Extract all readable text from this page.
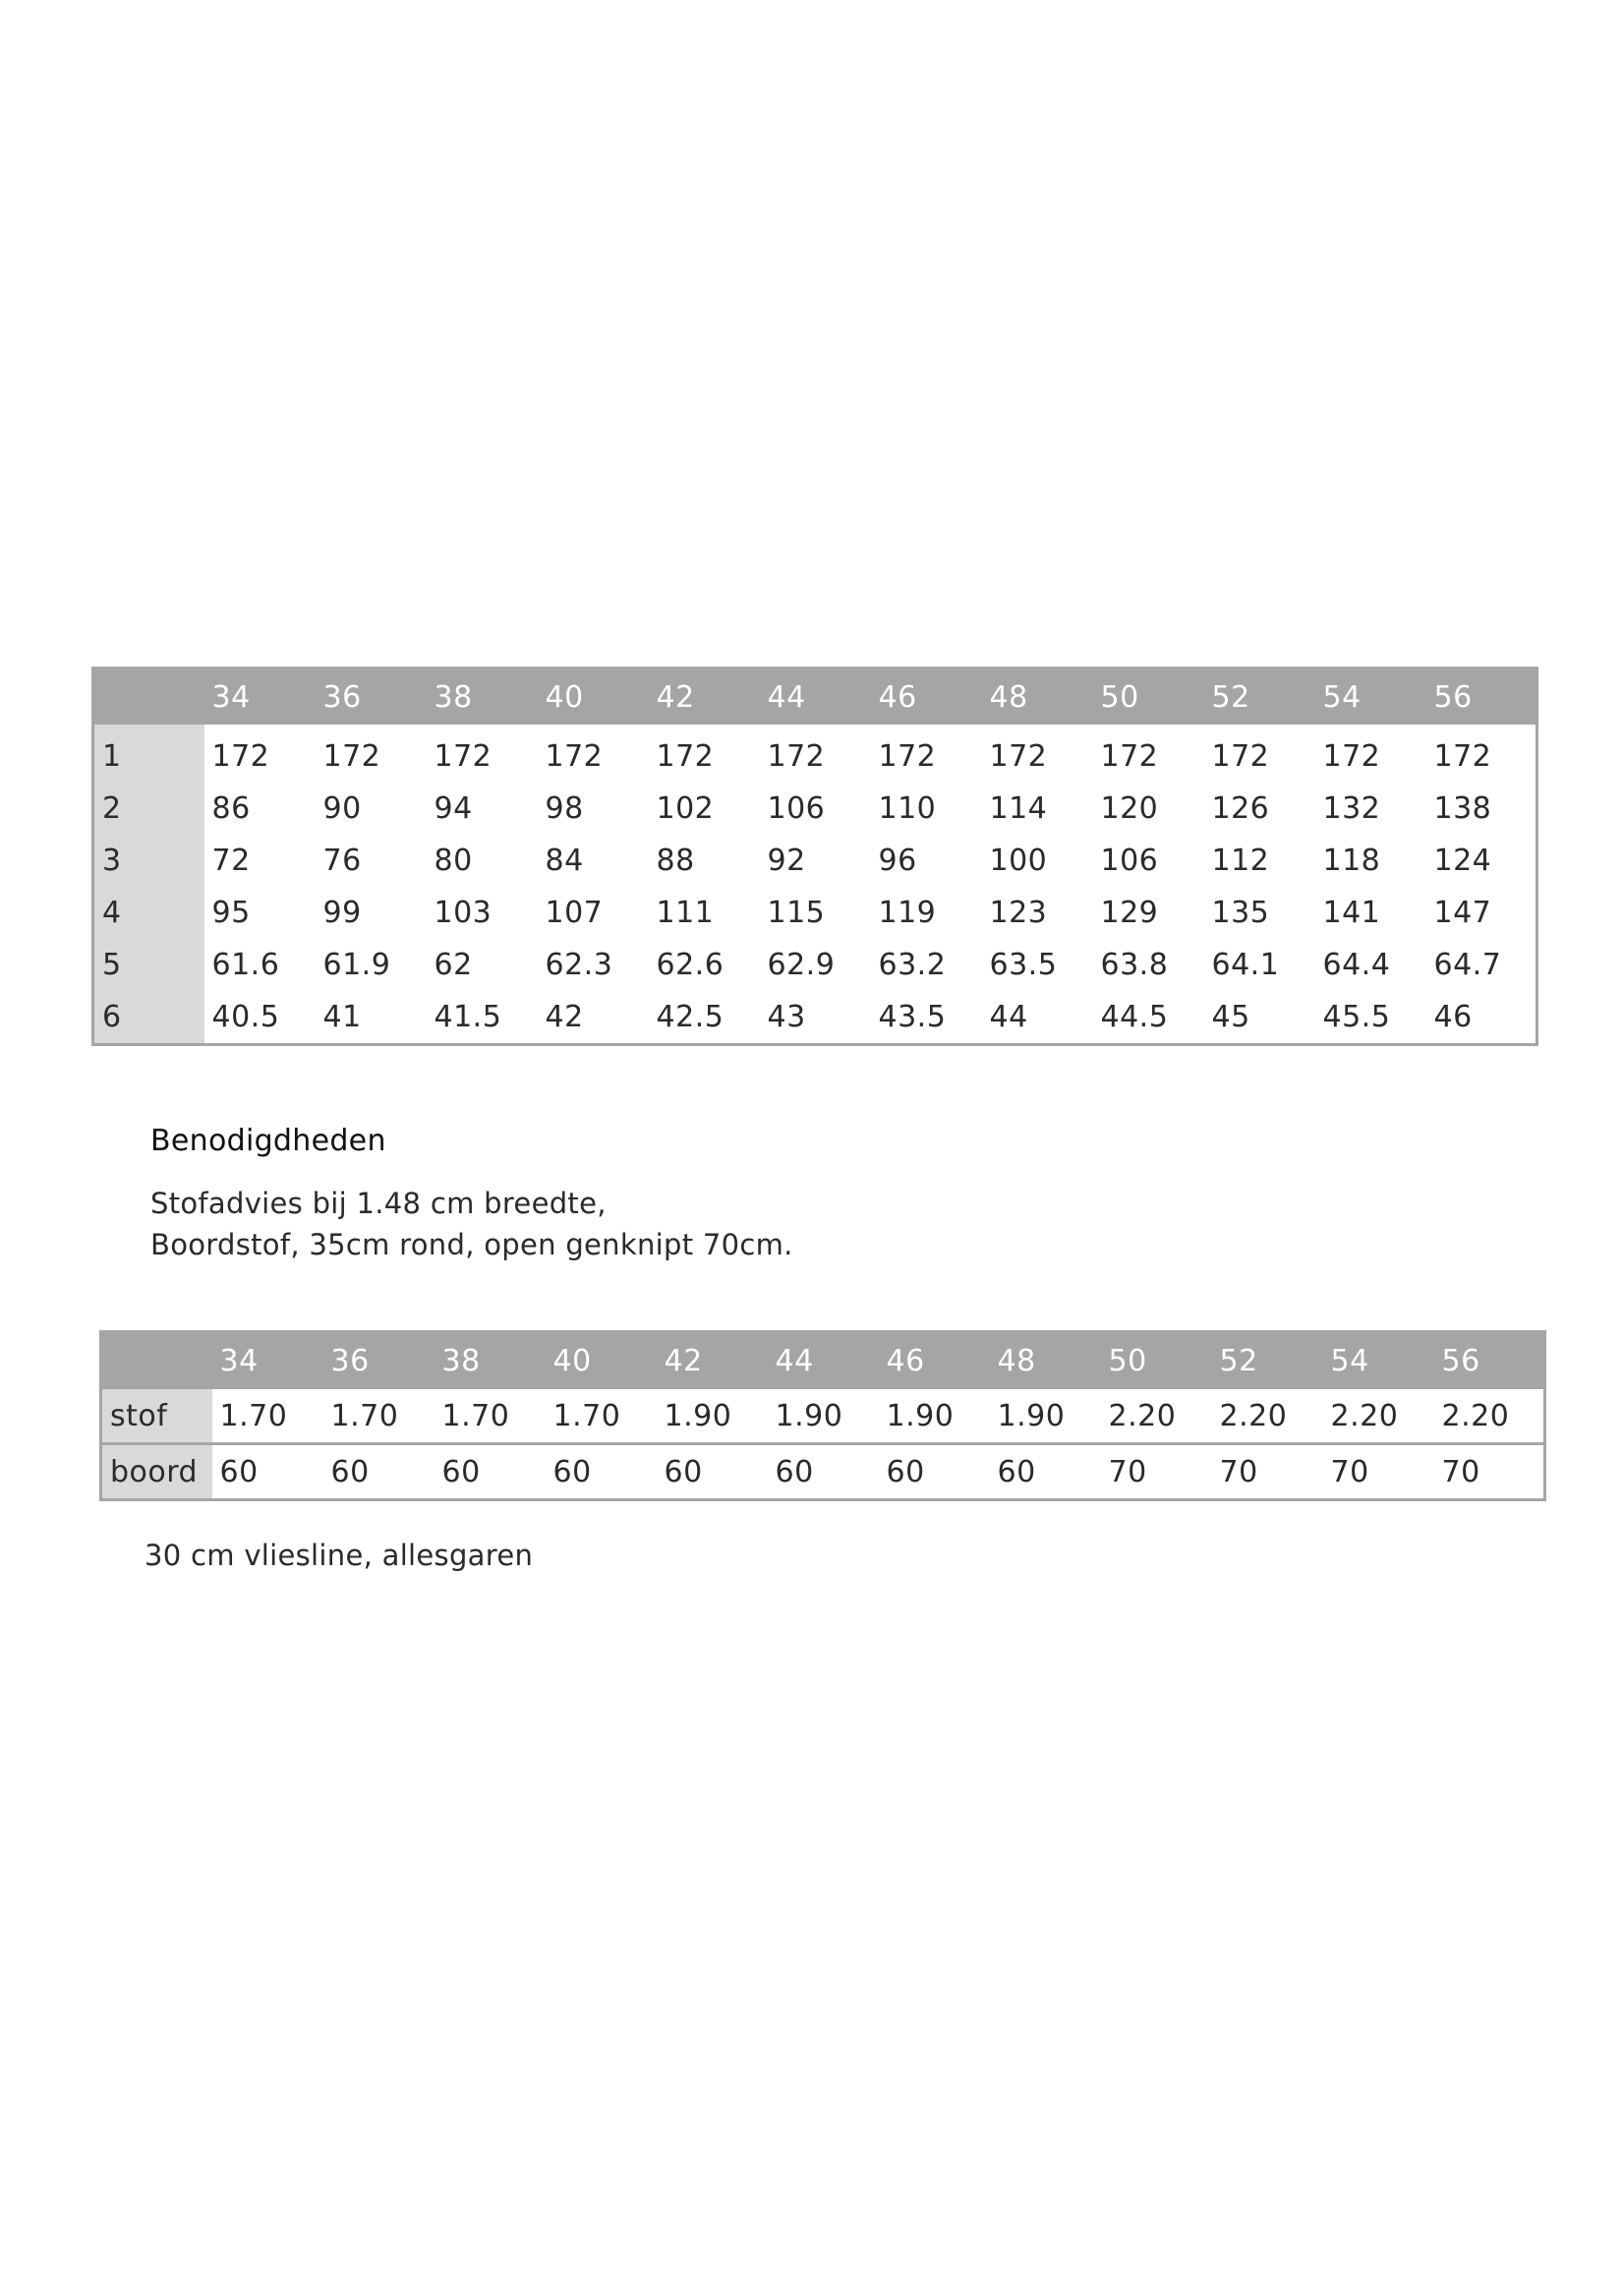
	34	36	38	40	42	44	46	48	50	52	54	56
1	172	172	172	172	172	172	172	172	172	172	172	172
2	86	90	94	98	102	106	110	114	120	126	132	138
3	72	76	80	84	88	92	96	100	106	112	118	124
4	95	99	103	107	111	115	119	123	129	135	141	147
5	61.6	61.9	62	62.3	62.6	62.9	63.2	63.5	63.8	64.1	64.4	64.7
6	40.5	41	41.5	42	42.5	43	43.5	44	44.5	45	45.5	46
Benodigdheden
Stofadvies bij 1.48 cm breedte,
Boordstof, 35cm rond, open genknipt 70cm.
	34	36	38	40	42	44	46	48	50	52	54	56
stof	1.70	1.70	1.70	1.70	1.90	1.90	1.90	1.90	2.20	2.20	2.20	2.20
boord	60	60	60	60	60	60	60	60	70	70	70	70
30 cm vliesline, allesgaren
